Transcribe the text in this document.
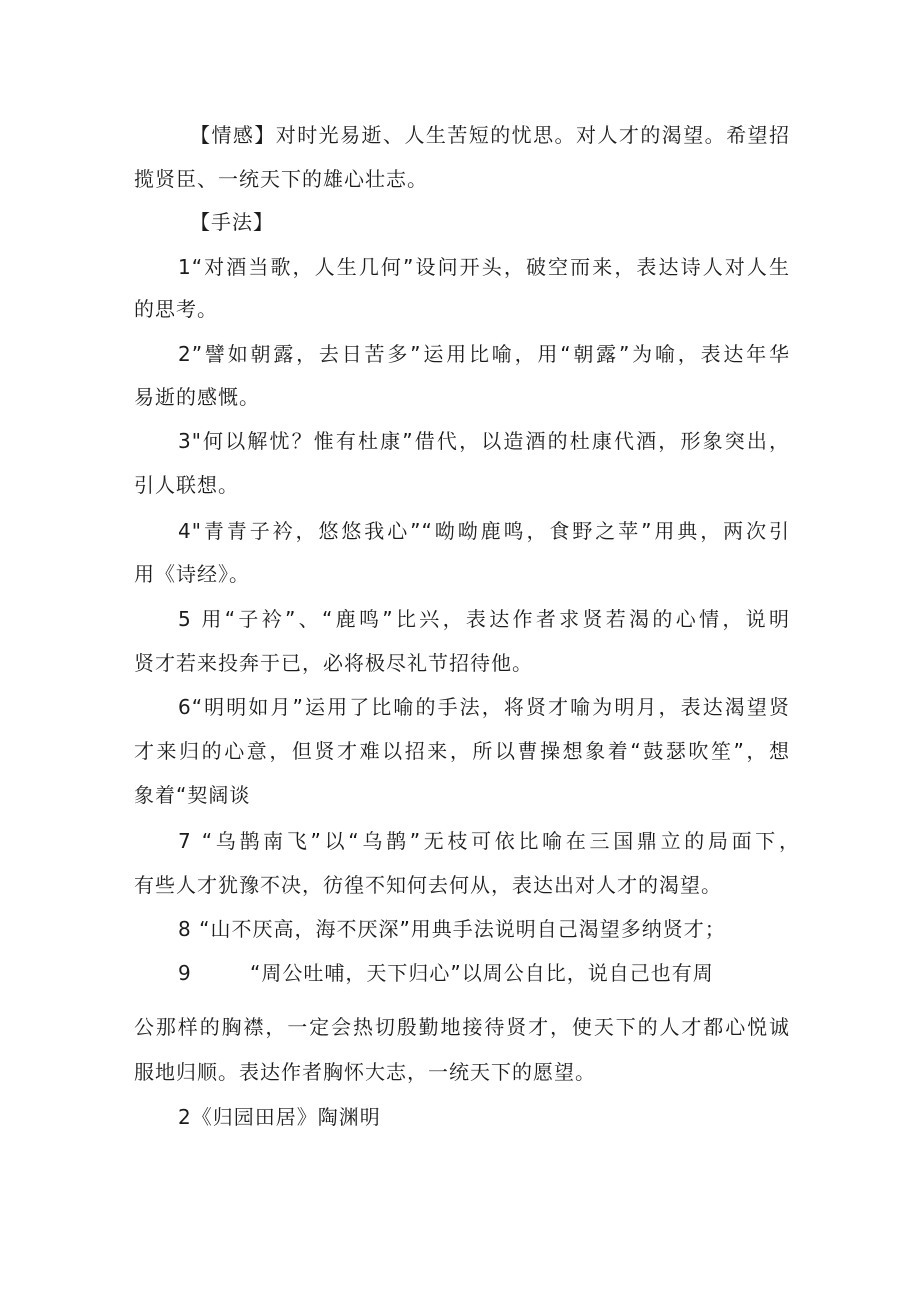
【情感】对时光易逝、人生苦短的忧思。对人才的渴望。希望招
揽贤臣、一统天下的雄心壮志。
【手法】
1“对酒当歌，人生几何”设问开头，破空而来，表达诗人对人生
的思考。
2”譬如朝露，去日苦多”运用比喻，用“朝露”为喻，表达年华
易逝的感慨。
3"何以解忧？惟有杜康”借代，以造酒的杜康代酒，形象突出，
引人联想。
4"青青子衿，悠悠我心”“呦呦鹿鸣，食野之苹”用典，两次引
用《诗经》。
5 用“子衿”、“鹿鸣”比兴，表达作者求贤若渴的心情，说明
贤才若来投奔于已，必将极尽礼节招待他。
6“明明如月”运用了比喻的手法，将贤才喻为明月，表达渴望贤
才来归的心意，但贤才难以招来，所以曹操想象着“鼓瑟吹笙”，想
象着“契阔谈
7 “乌鹊南飞”以“乌鹊”无枝可依比喻在三国鼎立的局面下，
有些人才犹豫不决，彷徨不知何去何从，表达出对人才的渴望。
8 “山不厌高，海不厌深”用典手法说明自己渴望多纳贤才；
9	“周公吐哺，天下归心”以周公自比，说自己也有周
公那样的胸襟，一定会热切殷勤地接待贤才，使天下的人才都心悦诚
服地归顺。表达作者胸怀大志，一统天下的愿望。
2《归园田居》陶渊明
